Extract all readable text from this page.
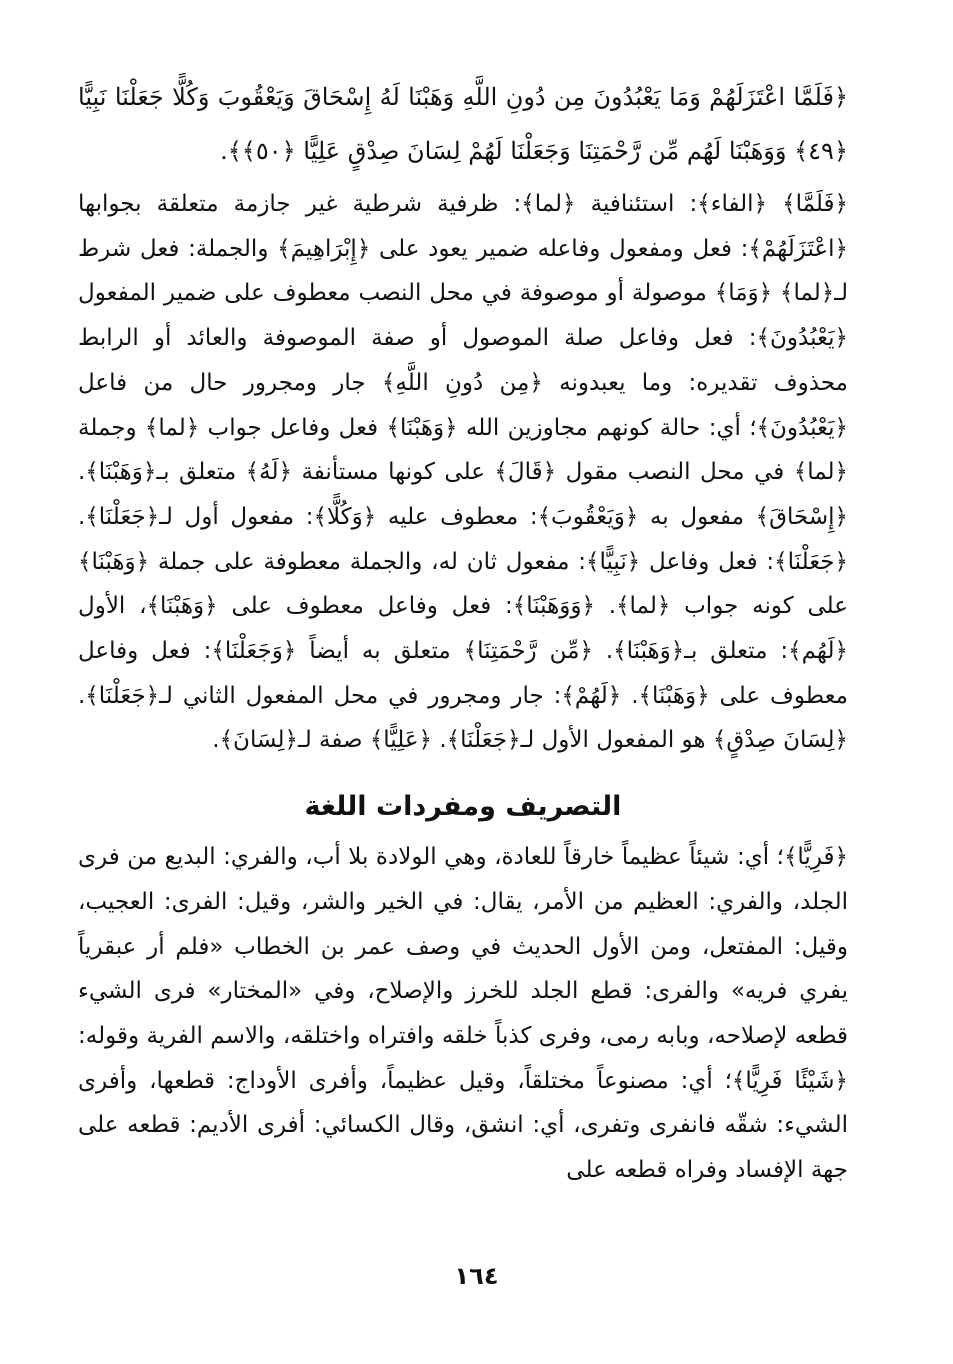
﴿فَلَمَّا اعْتَزَلَهُمْ وَمَا يَعْبُدُونَ مِن دُونِ اللَّهِ وَهَبْنَا لَهُ إِسْحَاقَ وَيَعْقُوبَ وَكُلًّا جَعَلْنَا نَبِيًّا ﴿٤٩﴾ وَوَهَبْنَا لَهُم مِّن رَّحْمَتِنَا وَجَعَلْنَا لَهُمْ لِسَانَ صِدْقٍ عَلِيًّا ﴿٥٠﴾﴾.

﴿فَلَمَّا﴾ ﴿الفاء﴾: استئنافية ﴿لما﴾: ظرفية شرطية غير جازمة متعلقة بجوابها ﴿اعْتَزَلَهُمْ﴾: فعل ومفعول وفاعله ضمير يعود على ﴿إِبْرَاهِيمَ﴾ والجملة: فعل شرط لـ﴿لما﴾ ﴿وَمَا﴾ موصولة أو موصوفة في محل النصب معطوف على ضمير المفعول ﴿يَعْبُدُونَ﴾: فعل وفاعل صلة الموصول أو صفة الموصوفة والعائد أو الرابط محذوف تقديره: وما يعبدونه ﴿مِن دُونِ اللَّهِ﴾ جار ومجرور حال من فاعل ﴿يَعْبُدُونَ﴾؛ أي: حالة كونهم مجاوزين الله ﴿وَهَبْنَا﴾ فعل وفاعل جواب ﴿لما﴾ وجملة ﴿لما﴾ في محل النصب مقول ﴿قَالَ﴾ على كونها مستأنفة ﴿لَهُ﴾ متعلق بـ﴿وَهَبْنَا﴾. ﴿إِسْحَاقَ﴾ مفعول به ﴿وَيَعْقُوبَ﴾: معطوف عليه ﴿وَكُلًّا﴾: مفعول أول لـ﴿جَعَلْنَا﴾. ﴿جَعَلْنَا﴾: فعل وفاعل ﴿نَبِيًّا﴾: مفعول ثان له، والجملة معطوفة على جملة ﴿وَهَبْنَا﴾ على كونه جواب ﴿لما﴾. ﴿وَوَهَبْنَا﴾: فعل وفاعل معطوف على ﴿وَهَبْنَا﴾، الأول ﴿لَهُم﴾: متعلق بـ﴿وَهَبْنَا﴾. ﴿مِّن رَّحْمَتِنَا﴾ متعلق به أيضاً ﴿وَجَعَلْنَا﴾: فعل وفاعل معطوف على ﴿وَهَبْنَا﴾. ﴿لَهُمْ﴾: جار ومجرور في محل المفعول الثاني لـ﴿جَعَلْنَا﴾. ﴿لِسَانَ صِدْقٍ﴾ هو المفعول الأول لـ﴿جَعَلْنَا﴾. ﴿عَلِيًّا﴾ صفة لـ﴿لِسَانَ﴾.

التصريف ومفردات اللغة

﴿فَرِيًّا﴾؛ أي: شيئاً عظيماً خارقاً للعادة، وهي الولادة بلا أب، والفري: البديع من فرى الجلد، والفري: العظيم من الأمر، يقال: في الخير والشر، وقيل: الفرى: العجيب، وقيل: المفتعل، ومن الأول الحديث في وصف عمر بن الخطاب «فلم أر عبقرياً يفري فريه» والفرى: قطع الجلد للخرز والإصلاح، وفي «المختار» فرى الشيء قطعه لإصلاحه، وبابه رمى، وفرى كذباً خلقه وافتراه واختلقه، والاسم الفرية وقوله: ﴿شَيْئًا فَرِيًّا﴾؛ أي: مصنوعاً مختلقاً، وقيل عظيماً، وأفرى الأوداج: قطعها، وأفرى الشيء: شقّه فانفرى وتفرى، أي: انشق، وقال الكسائي: أفرى الأديم: قطعه على جهة الإفساد وفراه قطعه على

١٦٤
